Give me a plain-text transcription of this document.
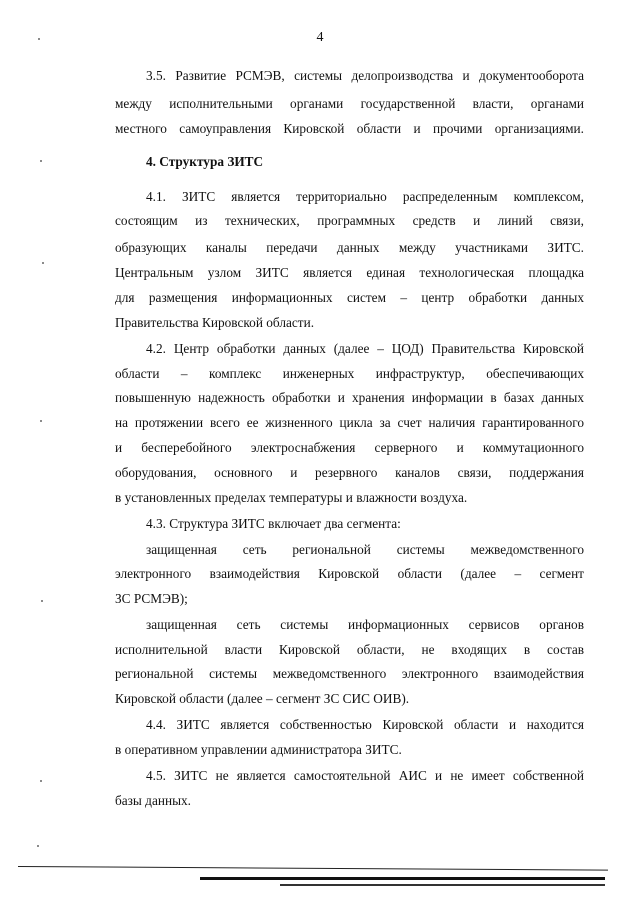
4
3.5. Развитие РСМЭВ, системы делопроизводства и документооборота
между исполнительными органами государственной власти, органами
местного самоуправления Кировской области и прочими организациями.
4. Структура ЗИТС
4.1. ЗИТС является территориально распределенным комплексом,
состоящим из технических, программных средств и линий связи,
образующих каналы передачи данных между участниками ЗИТС.
Центральным узлом ЗИТС является единая технологическая площадка
для размещения информационных систем – центр обработки данных
Правительства Кировской области.
4.2. Центр обработки данных (далее – ЦОД) Правительства Кировской
области – комплекс инженерных инфраструктур, обеспечивающих
повышенную надежность обработки и хранения информации в базах данных
на протяжении всего ее жизненного цикла за счет наличия гарантированного
и бесперебойного электроснабжения серверного и коммутационного
оборудования, основного и резервного каналов связи, поддержания
в установленных пределах температуры и влажности воздуха.
4.3. Структура ЗИТС включает два сегмента:
защищенная сеть региональной системы межведомственного
электронного взаимодействия Кировской области (далее – сегмент
ЗС РСМЭВ);
защищенная сеть системы информационных сервисов органов
исполнительной власти Кировской области, не входящих в состав
региональной системы межведомственного электронного взаимодействия
Кировской области (далее – сегмент ЗС СИС ОИВ).
4.4. ЗИТС является собственностью Кировской области и находится
в оперативном управлении администратора ЗИТС.
4.5. ЗИТС не является самостоятельной АИС и не имеет собственной
базы данных.
